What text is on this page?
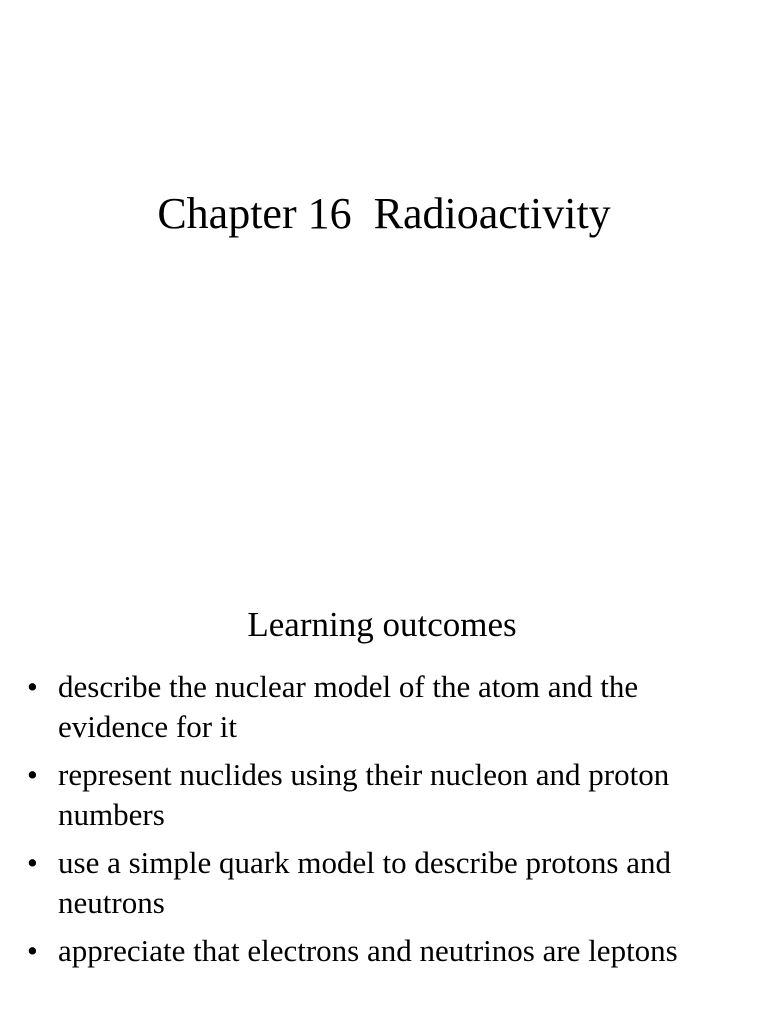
Chapter 16  Radioactivity
Learning outcomes
• describe the nuclear model of the atom and the evidence for it
• represent nuclides using their nucleon and proton numbers
• use a simple quark model to describe protons and neutrons
• appreciate that electrons and neutrinos are leptons
